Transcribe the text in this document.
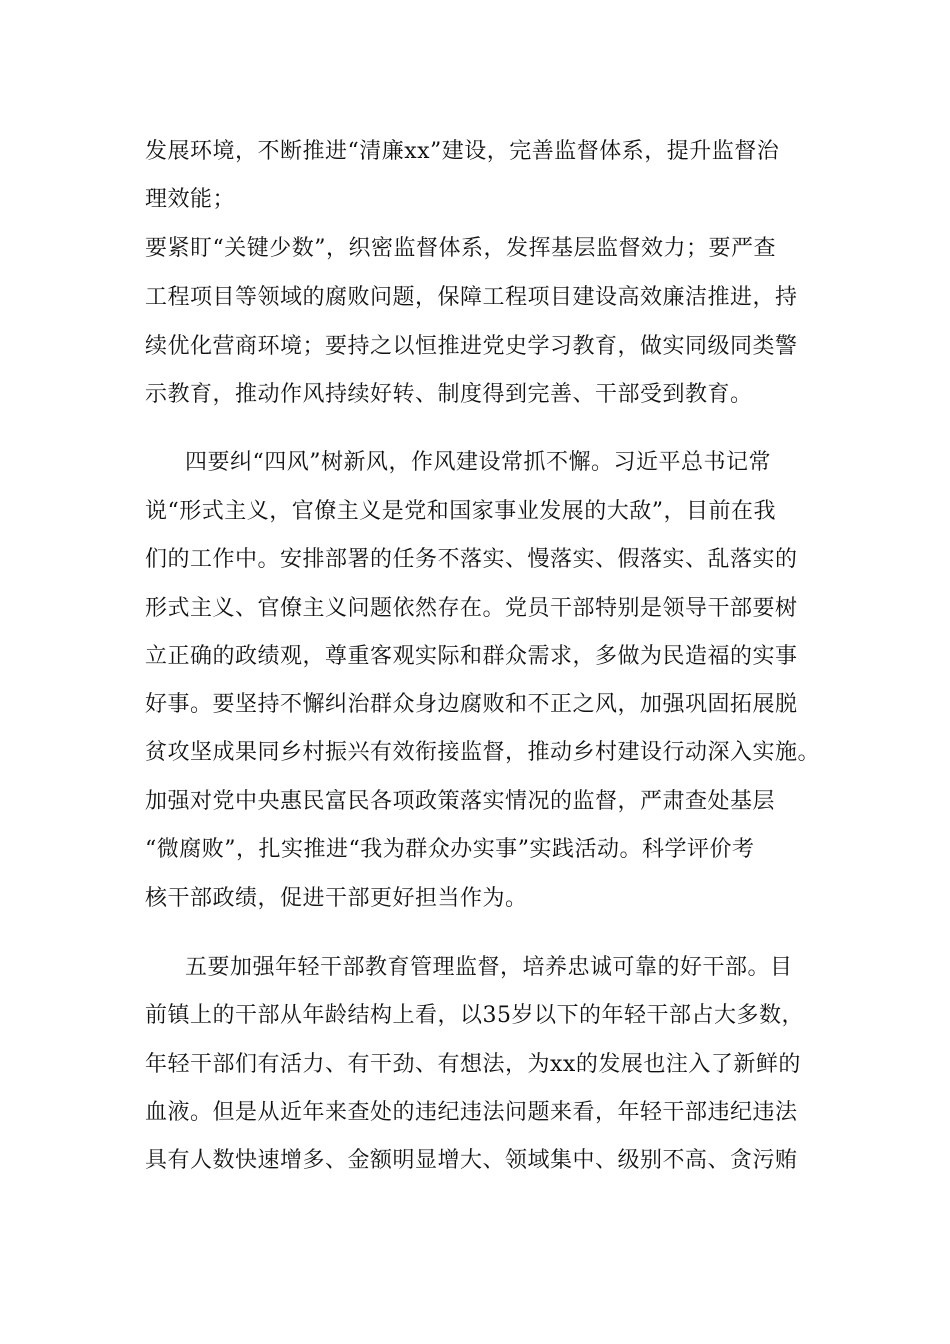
发展环境，不断推进“清廉xx”建设，完善监督体系，提升监督治
理效能；
要紧盯“关键少数”，织密监督体系，发挥基层监督效力；要严查
工程项目等领域的腐败问题，保障工程项目建设高效廉洁推进，持
续优化营商环境；要持之以恒推进党史学习教育，做实同级同类警
示教育，推动作风持续好转、制度得到完善、干部受到教育。
四要纠“四风”树新风，作风建设常抓不懈。习近平总书记常
说“形式主义，官僚主义是党和国家事业发展的大敌”，目前在我
们的工作中。安排部署的任务不落实、慢落实、假落实、乱落实的
形式主义、官僚主义问题依然存在。党员干部特别是领导干部要树
立正确的政绩观，尊重客观实际和群众需求，多做为民造福的实事
好事。要坚持不懈纠治群众身边腐败和不正之风，加强巩固拓展脱
贫攻坚成果同乡村振兴有效衔接监督，推动乡村建设行动深入实施。
加强对党中央惠民富民各项政策落实情况的监督，严肃查处基层
“微腐败”，扎实推进“我为群众办实事”实践活动。科学评价考
核干部政绩，促进干部更好担当作为。
五要加强年轻干部教育管理监督，培养忠诚可靠的好干部。目
前镇上的干部从年龄结构上看，以35岁以下的年轻干部占大多数，
年轻干部们有活力、有干劲、有想法，为xx的发展也注入了新鲜的
血液。但是从近年来查处的违纪违法问题来看，年轻干部违纪违法
具有人数快速增多、金额明显增大、领域集中、级别不高、贪污贿
